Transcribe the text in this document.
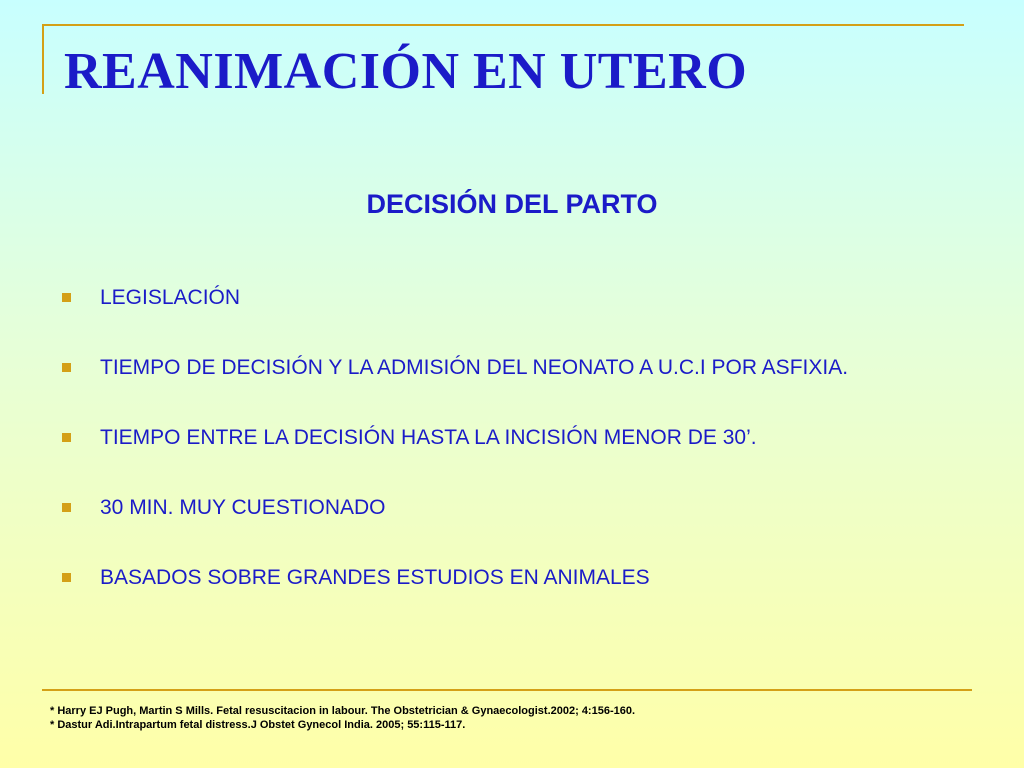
REANIMACIÓN EN UTERO
DECISIÓN DEL PARTO
LEGISLACIÓN
TIEMPO DE DECISIÓN Y LA ADMISIÓN DEL NEONATO A U.C.I POR ASFIXIA.
TIEMPO ENTRE LA DECISIÓN HASTA LA INCISIÓN MENOR DE 30’.
30 MIN. MUY CUESTIONADO
BASADOS SOBRE GRANDES ESTUDIOS EN ANIMALES
* Harry EJ Pugh, Martin S Mills. Fetal resuscitacion in labour. The Obstetrician & Gynaecologist.2002; 4:156-160.
* Dastur Adi.Intrapartum fetal distress.J Obstet Gynecol India. 2005; 55:115-117.
